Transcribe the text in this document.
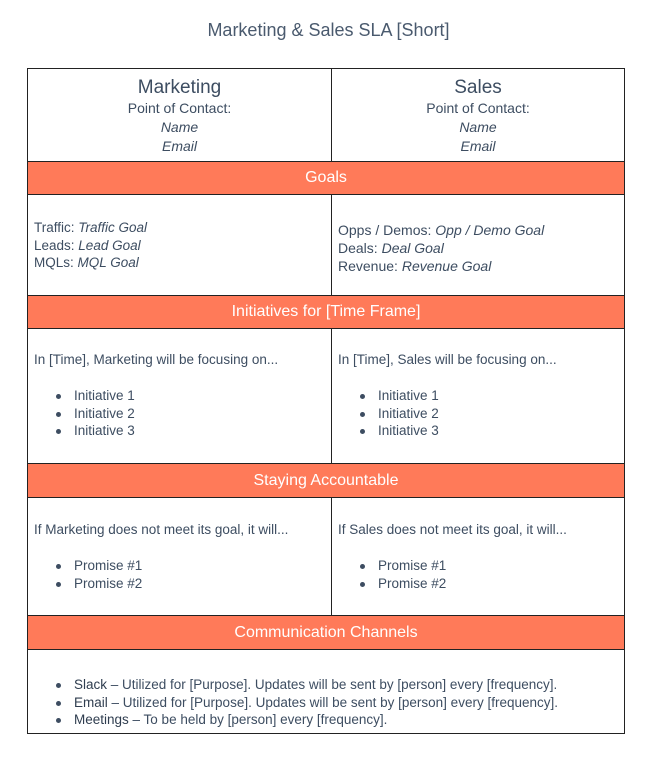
Marketing & Sales SLA [Short]
Marketing
Point of Contact:
Name
Email
Sales
Point of Contact:
Name
Email
Goals
Traffic: Traffic Goal
Leads: Lead Goal
MQLs: MQL Goal
Opps / Demos: Opp / Demo Goal
Deals: Deal Goal
Revenue: Revenue Goal
Initiatives for [Time Frame]
In [Time], Marketing will be focusing on...
Initiative 1
Initiative 2
Initiative 3
In [Time], Sales will be focusing on...
Initiative 1
Initiative 2
Initiative 3
Staying Accountable
If Marketing does not meet its goal, it will...
Promise #1
Promise #2
If Sales does not meet its goal, it will...
Promise #1
Promise #2
Communication Channels
Slack – Utilized for [Purpose]. Updates will be sent by [person] every [frequency].
Email – Utilized for [Purpose]. Updates will be sent by [person] every [frequency].
Meetings – To be held by [person] every [frequency].
